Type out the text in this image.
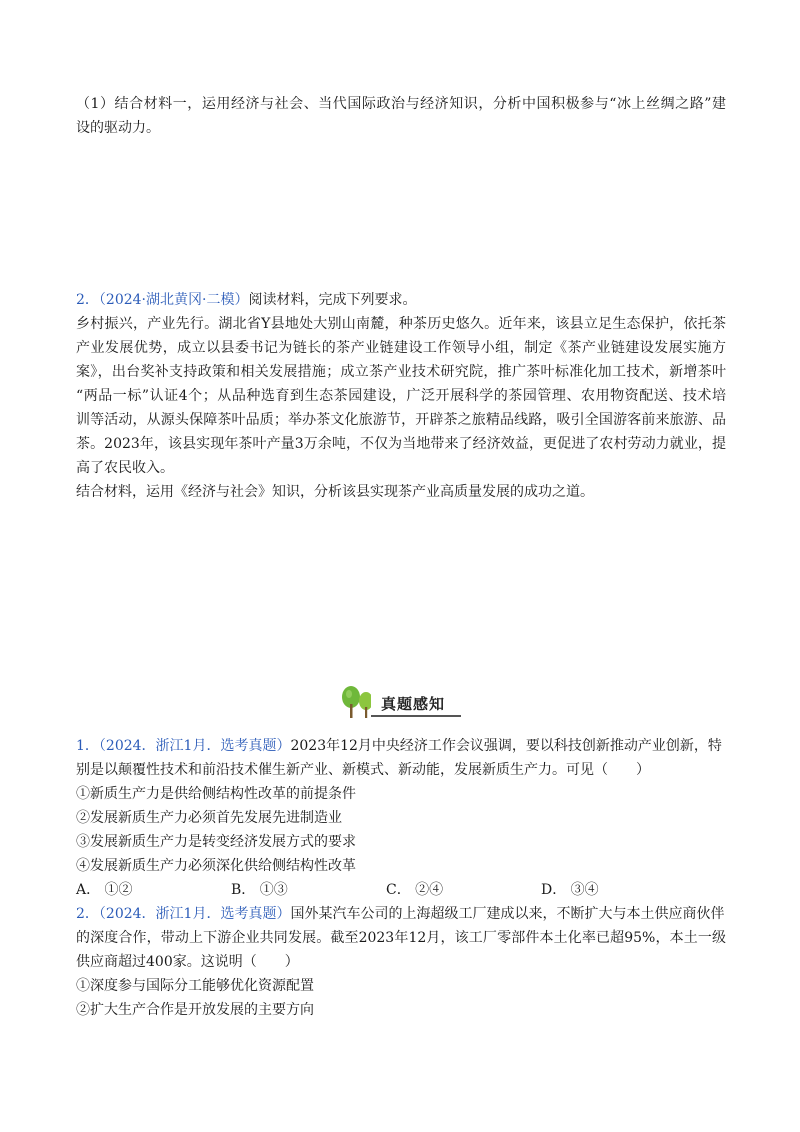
（1）结合材料一，运用经济与社会、当代国际政治与经济知识，分析中国积极参与“冰上丝绸之路”建
设的驱动力。
2．（2024·湖北黄冈·二模）阅读材料，完成下列要求。
乡村振兴，产业先行。湖北省Y县地处大别山南麓，种茶历史悠久。近年来，该县立足生态保护，依托茶
产业发展优势，成立以县委书记为链长的茶产业链建设工作领导小组，制定《茶产业链建设发展实施方
案》，出台奖补支持政策和相关发展措施；成立茶产业技术研究院，推广茶叶标准化加工技术，新增茶叶
“两品一标”认证4个；从品种选育到生态茶园建设，广泛开展科学的茶园管理、农用物资配送、技术培
训等活动，从源头保障茶叶品质；举办茶文化旅游节，开辟茶之旅精品线路，吸引全国游客前来旅游、品
茶。2023年，该县实现年茶叶产量3万余吨，不仅为当地带来了经济效益，更促进了农村劳动力就业，提
高了农民收入。
结合材料，运用《经济与社会》知识，分析该县实现茶产业高质量发展的成功之道。
真题感知
1．（2024．浙江1月．选考真题）2023年12月中央经济工作会议强调，要以科技创新推动产业创新，特
别是以颠覆性技术和前沿技术催生新产业、新模式、新动能，发展新质生产力。可见（　　）
①新质生产力是供给侧结构性改革的前提条件
②发展新质生产力必须首先发展先进制造业
③发展新质生产力是转变经济发展方式的要求
④发展新质生产力必须深化供给侧结构性改革
A． ①②	B． ①③	C． ②④	D． ③④
2．（2024．浙江1月．选考真题）国外某汽车公司的上海超级工厂建成以来，不断扩大与本土供应商伙伴
的深度合作，带动上下游企业共同发展。截至2023年12月，该工厂零部件本土化率已超95%，本土一级
供应商超过400家。这说明（　　）
①深度参与国际分工能够优化资源配置
②扩大生产合作是开放发展的主要方向
